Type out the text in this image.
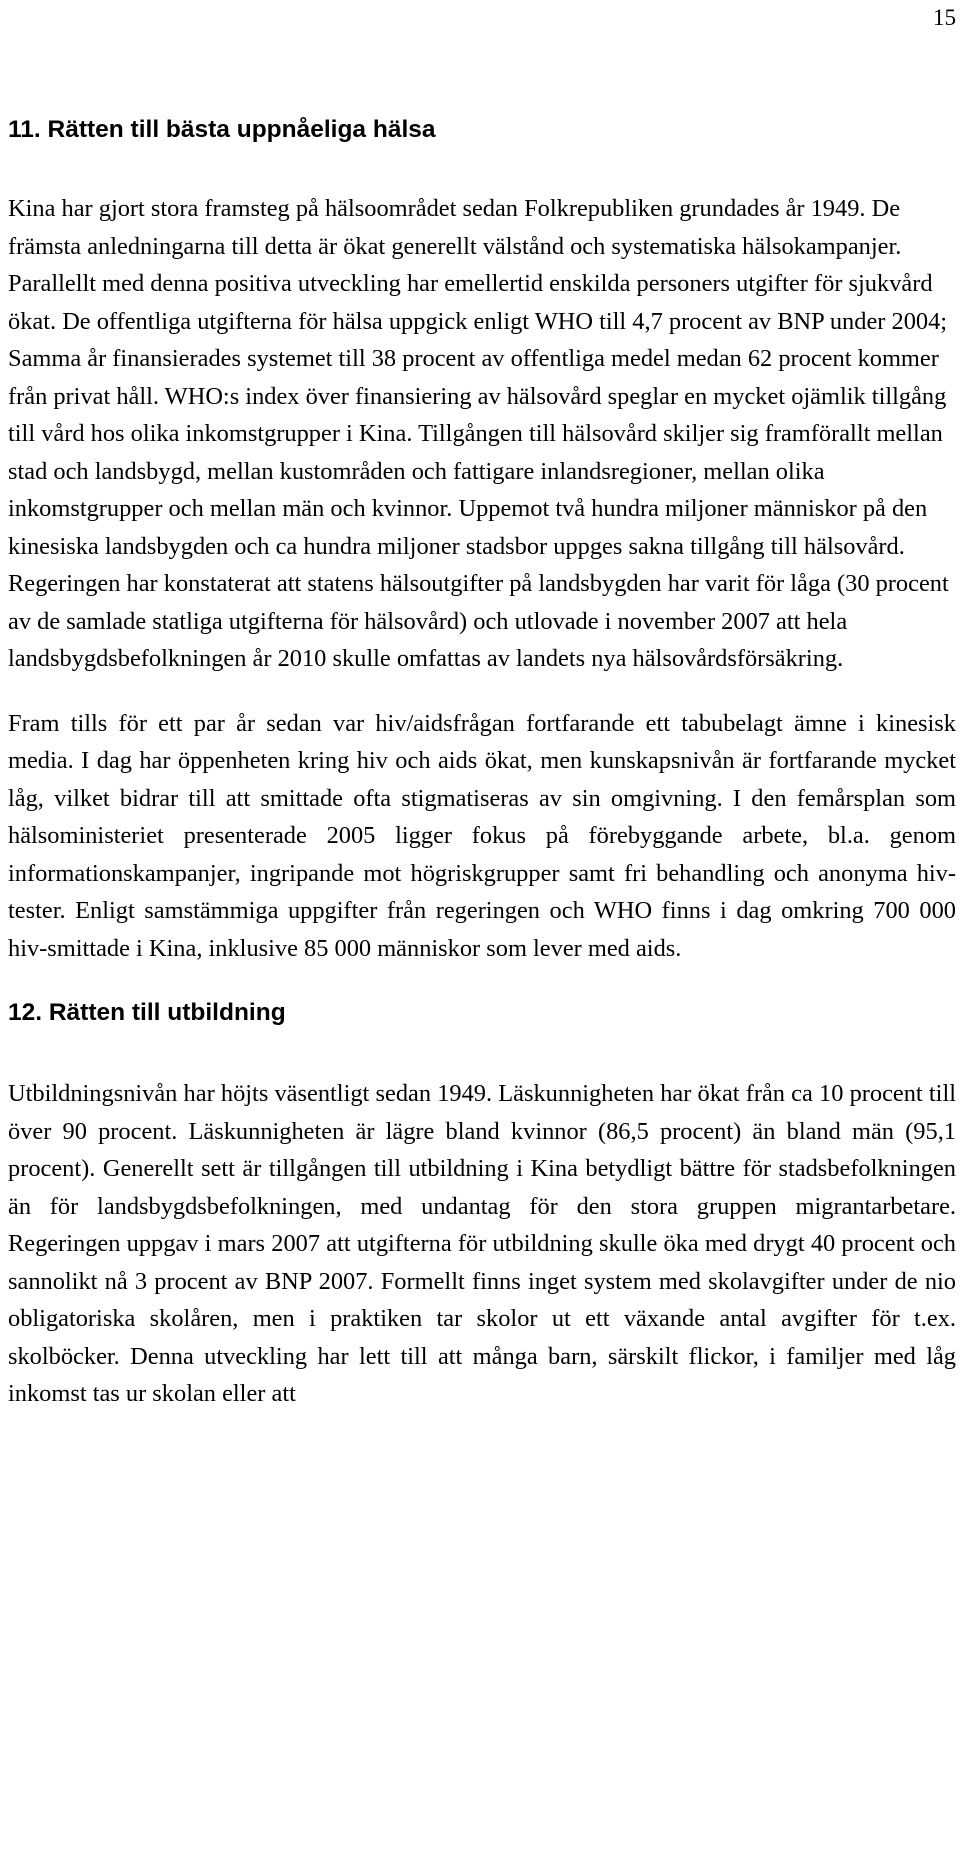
15
11. Rätten till bästa uppnåeliga hälsa

Kina har gjort stora framsteg på hälsoområdet sedan Folkrepubliken grundades år 1949. De främsta anledningarna till detta är ökat generellt välstånd och systematiska hälsokampanjer. Parallellt med denna positiva utveckling har emellertid enskilda personers utgifter för sjukvård ökat. De offentliga utgifterna för hälsa uppgick enligt WHO till 4,7 procent av BNP under 2004; Samma år finansierades systemet till 38 procent av offentliga medel medan 62 procent kommer från privat håll. WHO:s index över finansiering av hälsovård speglar en mycket ojämlik tillgång till vård hos olika inkomstgrupper i Kina. Tillgången till hälsovård skiljer sig framförallt mellan stad och landsbygd, mellan kustområden och fattigare inlandsregioner, mellan olika inkomstgrupper och mellan män och kvinnor. Uppemot två hundra miljoner människor på den kinesiska landsbygden och ca hundra miljoner stadsbor uppges sakna tillgång till hälsovård. Regeringen har konstaterat att statens hälsoutgifter på landsbygden har varit för låga (30 procent av de samlade statliga utgifterna för hälsovård) och utlovade i november 2007 att hela landsbygdsbefolkningen år 2010 skulle omfattas av landets nya hälsovårdsförsäkring.

Fram tills för ett par år sedan var hiv/aidsfrågan fortfarande ett tabubelagt ämne i kinesisk media. I dag har öppenheten kring hiv och aids ökat, men kunskapsnivån är fortfarande mycket låg, vilket bidrar till att smittade ofta stigmatiseras av sin omgivning. I den femårsplan som hälsoministeriet presenterade 2005 ligger fokus på förebyggande arbete, bl.a. genom informationskampanjer, ingripande mot högriskgrupper samt fri behandling och anonyma hiv-tester. Enligt samstämmiga uppgifter från regeringen och WHO finns i dag omkring 700 000 hiv-smittade i Kina, inklusive 85 000 människor som lever med aids.

12. Rätten till utbildning

Utbildningsnivån har höjts väsentligt sedan 1949. Läskunnigheten har ökat från ca 10 procent till över 90 procent. Läskunnigheten är lägre bland kvinnor (86,5 procent) än bland män (95,1 procent). Generellt sett är tillgången till utbildning i Kina betydligt bättre för stadsbefolkningen än för landsbygdsbefolkningen, med undantag för den stora gruppen migrantarbetare. Regeringen uppgav i mars 2007 att utgifterna för utbildning skulle öka med drygt 40 procent och sannolikt nå 3 procent av BNP 2007. Formellt finns inget system med skolavgifter under de nio obligatoriska skolåren, men i praktiken tar skolor ut ett växande antal avgifter för t.ex. skolböcker. Denna utveckling har lett till att många barn, särskilt flickor, i familjer med låg inkomst tas ur skolan eller att
